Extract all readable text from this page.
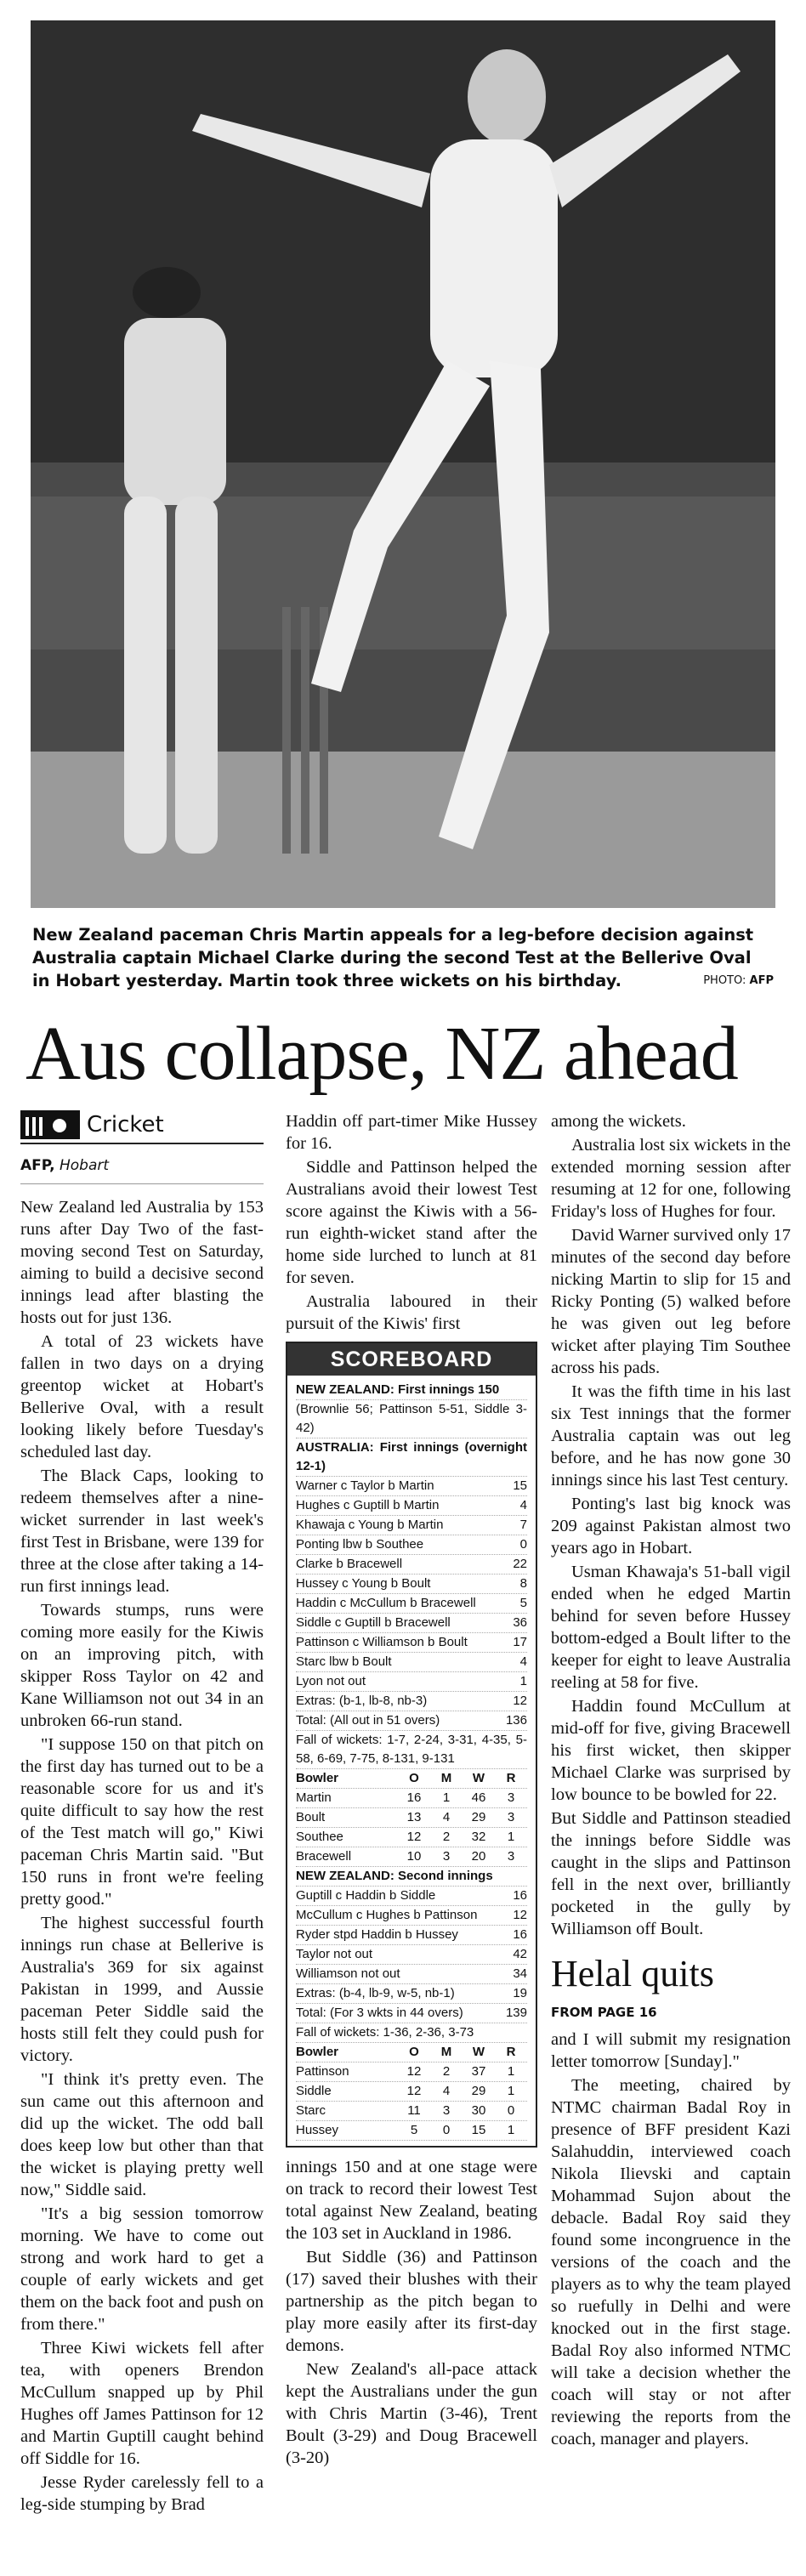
New Zealand paceman Chris Martin appeals for a leg-before decision against Australia captain Michael Clarke during the second Test at the Bellerive Oval in Hobart yesterday. Martin took three wickets on his birthday.	PHOTO: AFP
Aus collapse, NZ ahead
Cricket
AFP, Hobart

New Zealand led Australia by 153 runs after Day Two of the fast-moving second Test on Saturday, aiming to build a decisive second innings lead after blasting the hosts out for just 136.

A total of 23 wickets have fallen in two days on a drying greentop wicket at Hobart's Bellerive Oval, with a result looking likely before Tuesday's scheduled last day.

The Black Caps, looking to redeem themselves after a nine-wicket surrender in last week's first Test in Brisbane, were 139 for three at the close after taking a 14-run first innings lead.

Towards stumps, runs were coming more easily for the Kiwis on an improving pitch, with skipper Ross Taylor on 42 and Kane Williamson not out 34 in an unbroken 66-run stand.

"I suppose 150 on that pitch on the first day has turned out to be a reasonable score for us and it's quite difficult to say how the rest of the Test match will go," Kiwi paceman Chris Martin said. "But 150 runs in front we're feeling pretty good."

The highest successful fourth innings run chase at Bellerive is Australia's 369 for six against Pakistan in 1999, and Aussie paceman Peter Siddle said the hosts still felt they could push for victory.

"I think it's pretty even. The sun came out this afternoon and did up the wicket. The odd ball does keep low but other than that the wicket is playing pretty well now," Siddle said.

"It's a big session tomorrow morning. We have to come out strong and work hard to get a couple of early wickets and get them on the back foot and push on from there."

Three Kiwi wickets fell after tea, with openers Brendon McCullum snapped up by Phil Hughes off James Pattinson for 12 and Martin Guptill caught behind off Siddle for 16.

Jesse Ryder carelessly fell to a leg-side stumping by Brad

Haddin off part-timer Mike Hussey for 16.

Siddle and Pattinson helped the Australians avoid their lowest Test score against the Kiwis with a 56-run eighth-wicket stand after the home side lurched to lunch at 81 for seven.

Australia laboured in their pursuit of the Kiwis' first

SCOREBOARD
NEW ZEALAND: First innings 150
(Brownlie 56; Pattinson 5-51, Siddle 3-42)
AUSTRALIA: First innings (overnight 12-1)
Warner c Taylor b Martin	15
Hughes c Guptill b Martin	4
Khawaja c Young b Martin	7
Ponting lbw b Southee	0
Clarke b Bracewell	22
Hussey c Young b Boult	8
Haddin c McCullum b Bracewell	5
Siddle c Guptill b Bracewell	36
Pattinson c Williamson b Boult	17
Starc lbw b Boult	4
Lyon not out	1
Extras: (b-1, lb-8, nb-3)	12
Total: (All out in 51 overs)	136
Fall of wickets: 1-7, 2-24, 3-31, 4-35, 5-58, 6-69, 7-75, 8-131, 9-131
Bowler	O	M	W	R
Martin	16	1	46	3
Boult	13	4	29	3
Southee	12	2	32	1
Bracewell	10	3	20	3
NEW ZEALAND: Second innings
Guptill c Haddin b Siddle	16
McCullum c Hughes b Pattinson	12
Ryder stpd Haddin b Hussey	16
Taylor not out	42
Williamson not out	34
Extras: (b-4, lb-9, w-5, nb-1)	19
Total: (For 3 wkts in 44 overs)	139
Fall of wickets: 1-36, 2-36, 3-73
Bowler	O	M	W	R
Pattinson	12	2	37	1
Siddle	12	4	29	1
Starc	11	3	30	0
Hussey	5	0	15	1

innings 150 and at one stage were on track to record their lowest Test total against New Zealand, beating the 103 set in Auckland in 1986.

But Siddle (36) and Pattinson (17) saved their blushes with their partnership as the pitch began to play more easily after its first-day demons.

New Zealand's all-pace attack kept the Australians under the gun with Chris Martin (3-46), Trent Boult (3-29) and Doug Bracewell (3-20)

among the wickets.

Australia lost six wickets in the extended morning session after resuming at 12 for one, following Friday's loss of Hughes for four.

David Warner survived only 17 minutes of the second day before nicking Martin to slip for 15 and Ricky Ponting (5) walked before he was given out leg before wicket after playing Tim Southee across his pads.

It was the fifth time in his last six Test innings that the former Australia captain was out leg before, and he has now gone 30 innings since his last Test century.

Ponting's last big knock was 209 against Pakistan almost two years ago in Hobart.

Usman Khawaja's 51-ball vigil ended when he edged Martin behind for seven before Hussey bottom-edged a Boult lifter to the keeper for eight to leave Australia reeling at 58 for five.

Haddin found McCullum at mid-off for five, giving Bracewell his first wicket, then skipper Michael Clarke was surprised by low bounce to be bowled for 22.

But Siddle and Pattinson steadied the innings before Siddle was caught in the slips and Pattinson fell in the next over, brilliantly pocketed in the gully by Williamson off Boult.

Helal quits
FROM PAGE 16

and I will submit my resignation letter tomorrow [Sunday]."

The meeting, chaired by NTMC chairman Badal Roy in presence of BFF president Kazi Salahuddin, interviewed coach Nikola Ilievski and captain Mohammad Sujon about the debacle. Badal Roy said they found some incongruence in the versions of the coach and the players as to why the team played so ruefully in Delhi and were knocked out in the first stage. Badal Roy also informed NTMC will take a decision whether the coach will stay or not after reviewing the reports from the coach, manager and players.
